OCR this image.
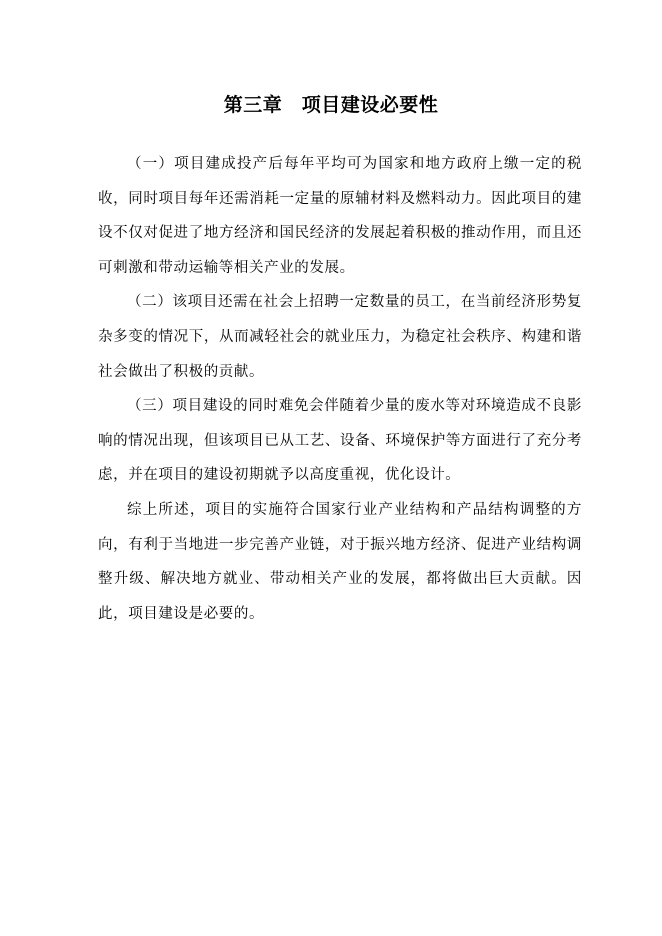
第三章　项目建设必要性

（一）项目建成投产后每年平均可为国家和地方政府上缴一定的税收，同时项目每年还需消耗一定量的原辅材料及燃料动力。因此项目的建设不仅对促进了地方经济和国民经济的发展起着积极的推动作用，而且还可刺激和带动运输等相关产业的发展。

（二）该项目还需在社会上招聘一定数量的员工，在当前经济形势复杂多变的情况下，从而减轻社会的就业压力，为稳定社会秩序、构建和谐社会做出了积极的贡献。

（三）项目建设的同时难免会伴随着少量的废水等对环境造成不良影响的情况出现，但该项目已从工艺、设备、环境保护等方面进行了充分考虑，并在项目的建设初期就予以高度重视，优化设计。

综上所述，项目的实施符合国家行业产业结构和产品结构调整的方向，有利于当地进一步完善产业链，对于振兴地方经济、促进产业结构调整升级、解决地方就业、带动相关产业的发展，都将做出巨大贡献。因此，项目建设是必要的。
